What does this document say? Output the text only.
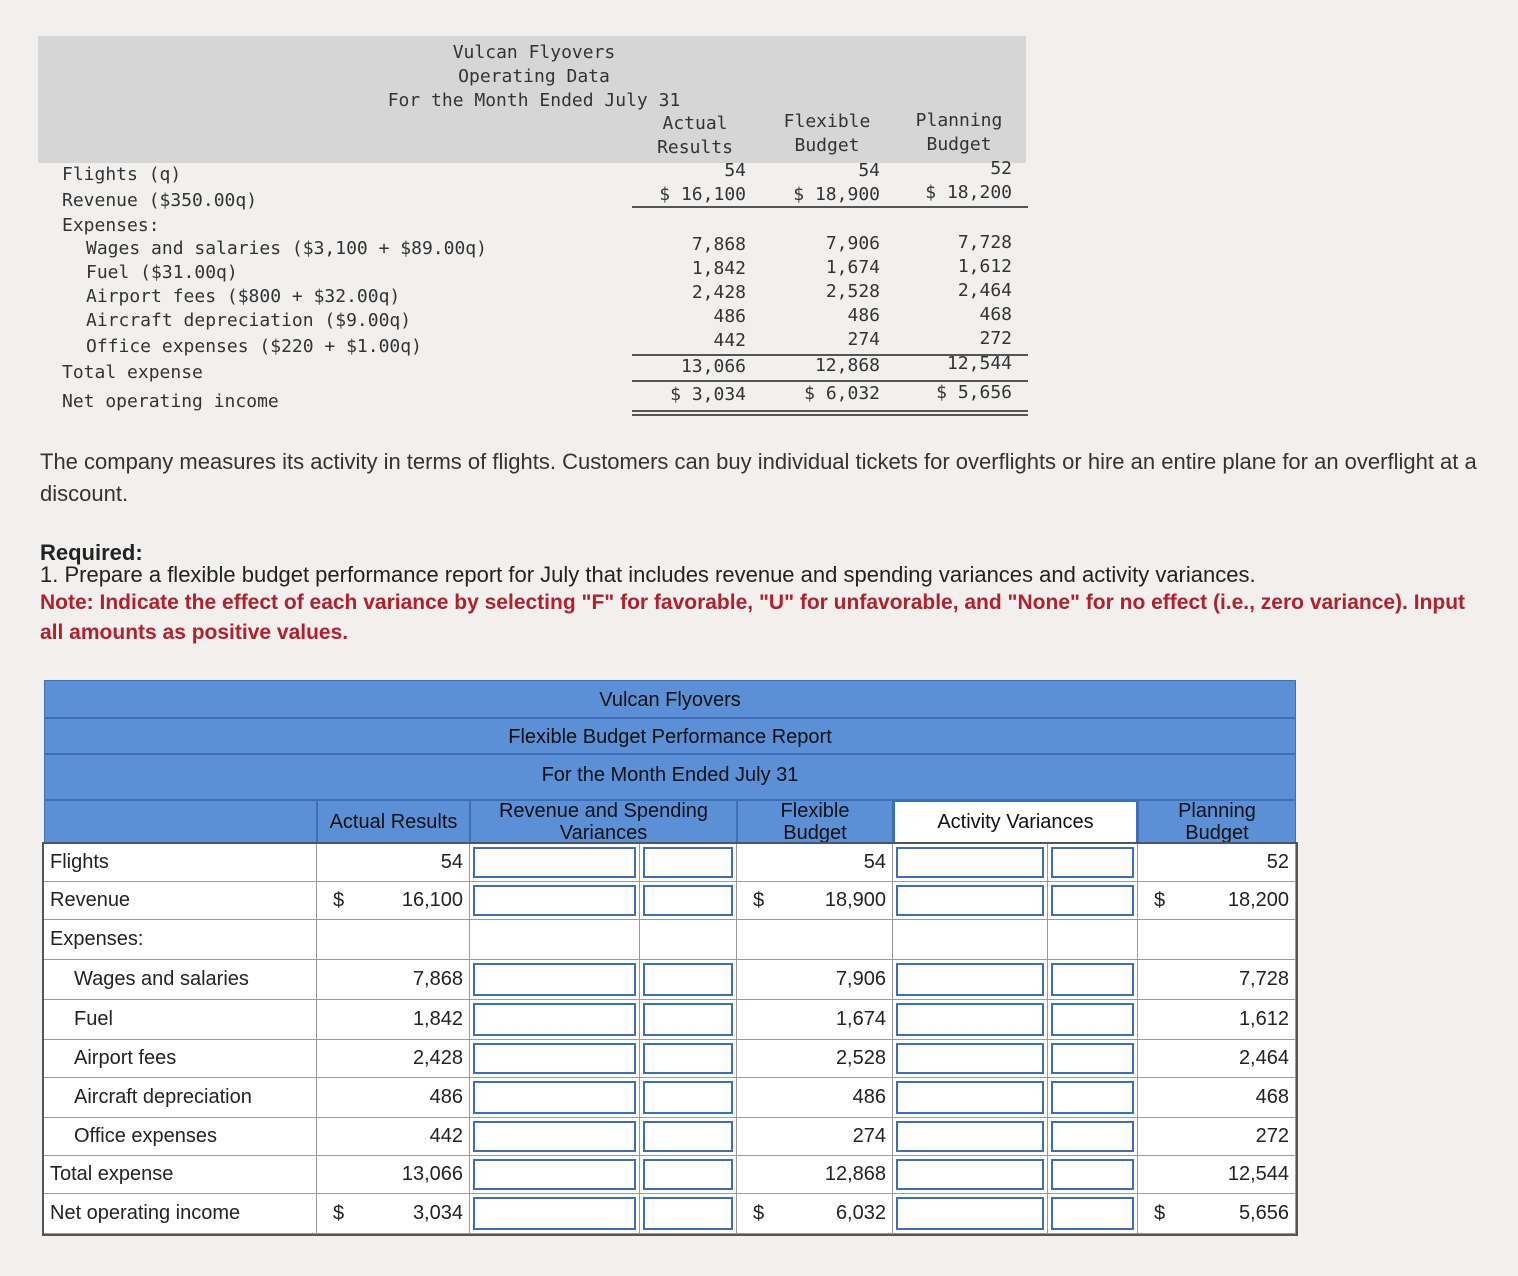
Vulcan Flyovers
Operating Data
For the Month Ended July 31
Actual
Results
Flexible
Budget
Planning
Budget
Flights (q)	54	54	52
Revenue ($350.00q)	$ 16,100	$ 18,900	$ 18,200
Expenses:
Wages and salaries ($3,100 + $89.00q)	7,868	7,906	7,728
Fuel ($31.00q)	1,842	1,674	1,612
Airport fees ($800 + $32.00q)	2,428	2,528	2,464
Aircraft depreciation ($9.00q)	486	486	468
Office expenses ($220 + $1.00q)	442	274	272
Total expense	13,066	12,868	12,544
Net operating income	$ 3,034	$ 6,032	$ 5,656
The company measures its activity in terms of flights. Customers can buy individual tickets for overflights or hire an entire plane for an overflight at a discount.
Required:
1. Prepare a flexible budget performance report for July that includes revenue and spending variances and activity variances.
Note: Indicate the effect of each variance by selecting "F" for favorable, "U" for unfavorable, and "None" for no effect (i.e., zero variance). Input all amounts as positive values.
Vulcan Flyovers
Flexible Budget Performance Report
For the Month Ended July 31
Actual Results	Revenue and Spending
Variances
Flexible
Budget	Activity Variances	Planning
Budget
Flights	54	54	52
Revenue	16,100	18,900	18,200
$	$	$
Expenses:
Wages and salaries	7,868	7,906	7,728
Fuel	1,842	1,674	1,612
Airport fees	2,428	2,528	2,464
Aircraft depreciation	486	486	468
Office expenses	442	274	272
Total expense	13,066	12,868	12,544
Net operating income	3,034	6,032	5,656
$	$	$
